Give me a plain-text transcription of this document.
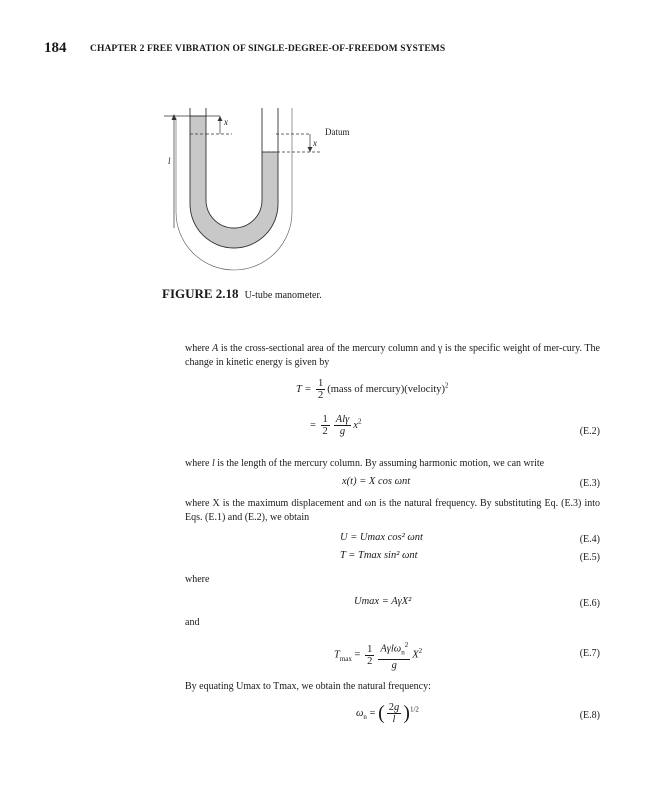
184 CHAPTER 2 FREE VIBRATION OF SINGLE-DEGREE-OF-FREEDOM SYSTEMS
x
x
l
Datum
FIGURE 2.18 U-tube manometer.
where A is the cross-sectional area of the mercury column and γ is the specific weight of mer-cury. The change in kinetic energy is given by
$T = \frac{1}{2}$ (mass of mercury)(velocity)$^2$
= $\frac{1}{2} \frac{\text{Alγ}}{g} x^2$
(E.2)
where l is the length of the mercury column. By assuming harmonic motion, we can write
x(t) = X cos ωnt	(E.3)
where X is the maximum displacement and ωn is the natural frequency. By substituting Eq. (E.3) into Eqs. (E.1) and (E.2), we obtain
U = Umax cos² ωnt	(E.4)
T = Tmax sin² ωnt	(E.5)
where
Umax = AγX²	(E.6)
and
$T_{max} = \frac{1}{2} \frac{A\gamma l\omega_n^2}{g} X^2$	(E.7)
By equating Umax to Tmax, we obtain the natural frequency:
$\omega_n$ = ( $\frac{2g}{l} )^{1/2}$
(E.8)
